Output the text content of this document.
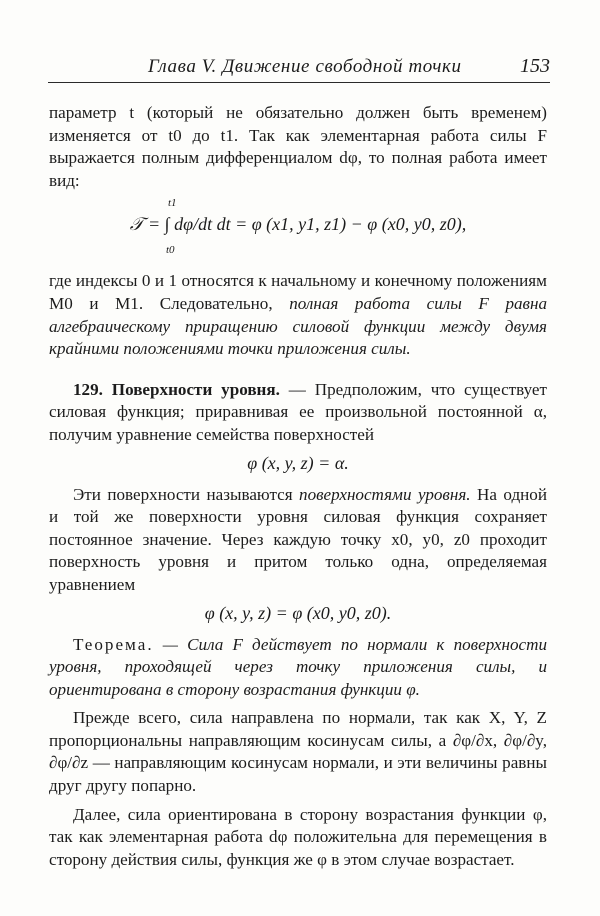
Глава V. Движение свободной точки	153

параметр t (который не обязательно должен быть временем) изменяется от t0 до t1. Так как элементарная работа силы F выражается полным дифференциалом dφ, то полная работа имеет вид:

t1
t0
𝒯 = ∫ dφ/dt dt = φ (x1, y1, z1) − φ (x0, y0, z0),

где индексы 0 и 1 относятся к начальному и конечному положениям M0 и M1. Следовательно, полная работа силы F равна алгебраическому приращению силовой функции между двумя крайними положениями точки приложения силы.

129. Поверхности уровня. — Предположим, что существует силовая функция; приравнивая ее произвольной постоянной α, получим уравнение семейства поверхностей

φ (x, y, z) = α.

Эти поверхности называются поверхностями уровня. На одной и той же поверхности уровня силовая функция сохраняет постоянное значение. Через каждую точку x0, y0, z0 проходит поверхность уровня и притом только одна, определяемая уравнением

φ (x, y, z) = φ (x0, y0, z0).

Теорема. — Сила F действует по нормали к поверхности уровня, проходящей через точку приложения силы, и ориентирована в сторону возрастания функции φ.

Прежде всего, сила направлена по нормали, так как X, Y, Z пропорциональны направляющим косинусам силы, а ∂φ/∂x, ∂φ/∂y, ∂φ/∂z — направляющим косинусам нормали, и эти величины равны друг другу попарно.

Далее, сила ориентирована в сторону возрастания функции φ, так как элементарная работа dφ положительна для перемещения в сторону действия силы, функция же φ в этом случае возрастает.
